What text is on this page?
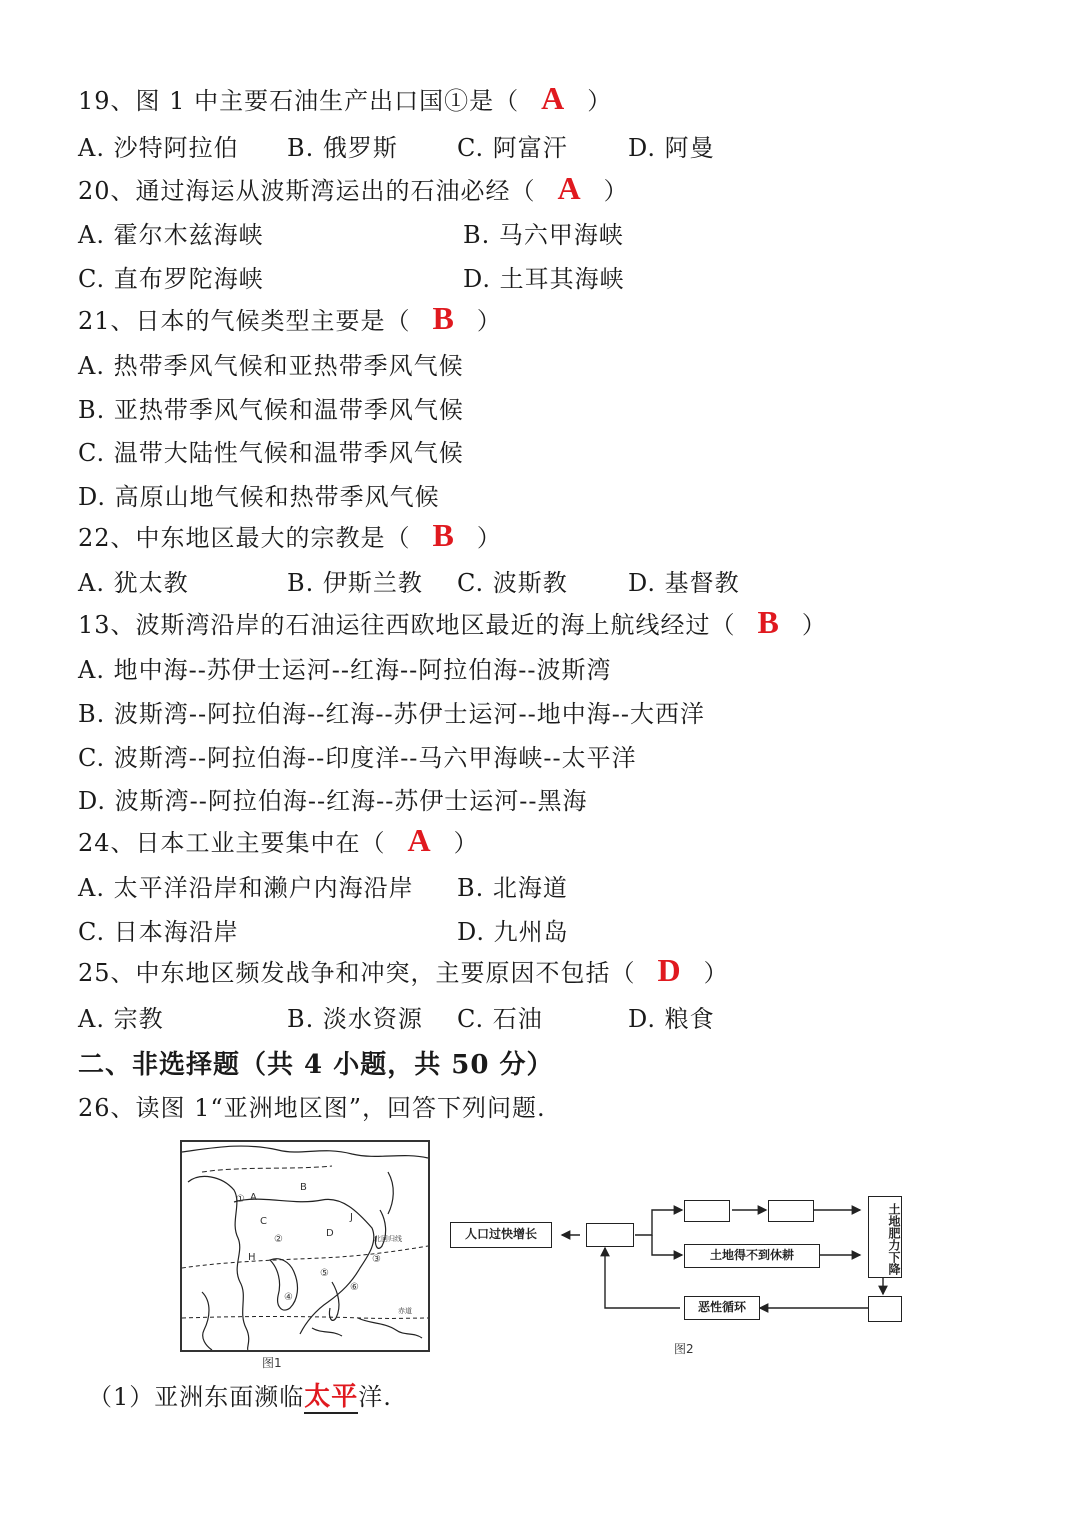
19、图 1 中主要石油生产出口国①是（ A ）
A. 沙特阿拉伯 B. 俄罗斯 C. 阿富汗	D. 阿曼
20、通过海运从波斯湾运出的石油必经（ A ）
A. 霍尔木兹海峡	B. 马六甲海峡
C. 直布罗陀海峡	D. 土耳其海峡
21、日本的气候类型主要是（ B ）
A. 热带季风气候和亚热带季风气候
B. 亚热带季风气候和温带季风气候
C. 温带大陆性气候和温带季风气候
D. 高原山地气候和热带季风气候
22、中东地区最大的宗教是（ B ）
A. 犹太教	B. 伊斯兰教 C. 波斯教	D. 基督教
13、波斯湾沿岸的石油运往西欧地区最近的海上航线经过（ B ）
A. 地中海--苏伊士运河--红海--阿拉伯海--波斯湾
B. 波斯湾--阿拉伯海--红海--苏伊士运河--地中海--大西洋
C. 波斯湾--阿拉伯海--印度洋--马六甲海峡--太平洋
D. 波斯湾--阿拉伯海--红海--苏伊士运河--黑海
24、日本工业主要集中在（ A ）
A. 太平洋沿岸和濑户内海沿岸 B. 北海道
C. 日本海沿岸	D. 九州岛
25、中东地区频发战争和冲突，主要原因不包括（ D ）
A. 宗教	B. 淡水资源 C. 石油	D. 粮食
二、非选择题（共 4 小题，共 50 分）
26、读图 1“亚洲地区图”，回答下列问题.
A
B
C
D
J
H
①
②
③
④
⑤
⑥
北回归线
赤道
图1
人口过快增长
土地得不到休耕	土地肥力下降
恶性循环
图2
（1）亚洲东面濒临太平洋.
